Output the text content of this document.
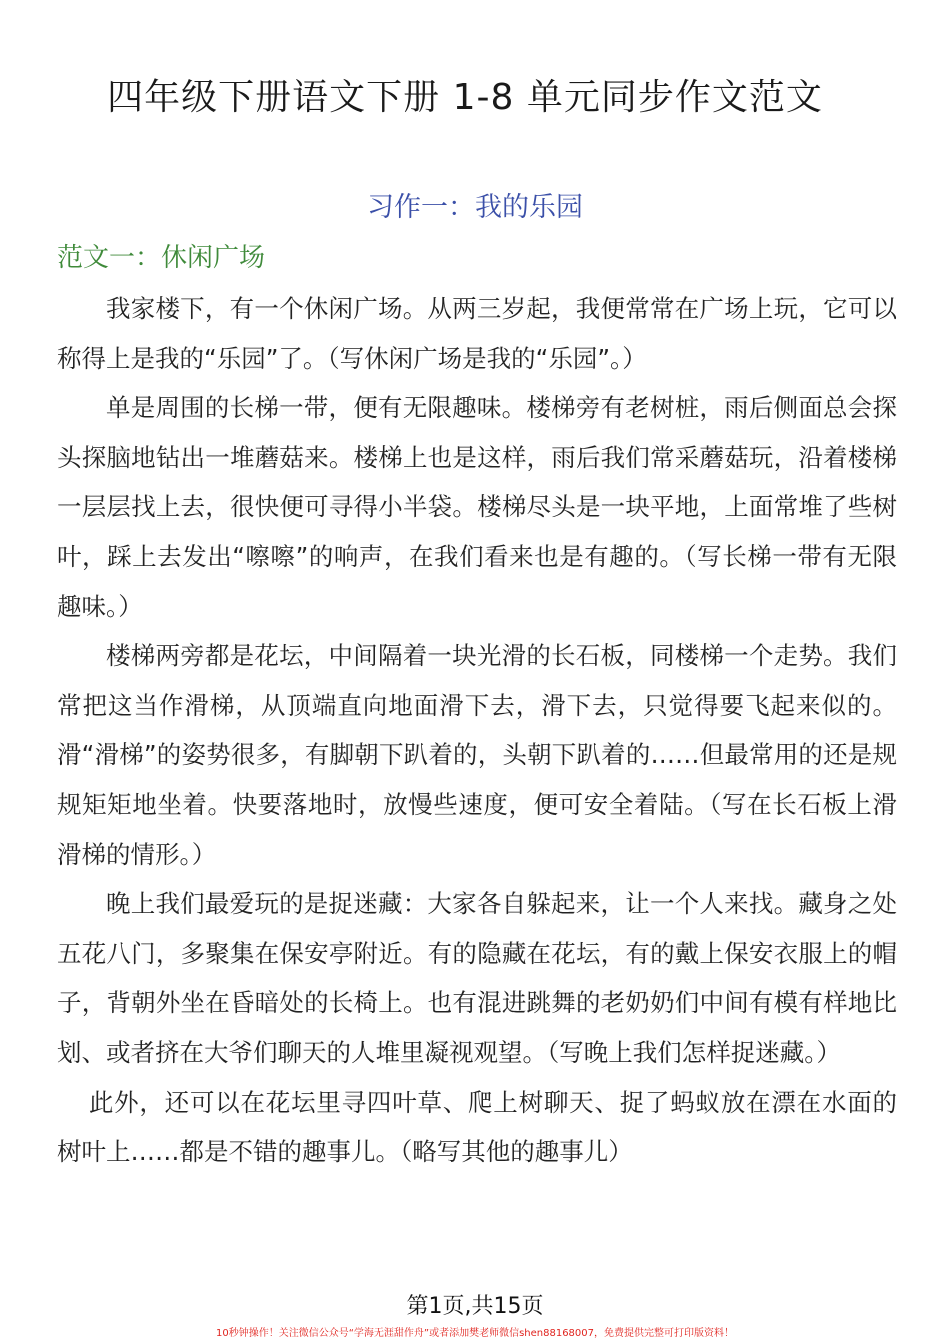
四年级下册语文下册 1-8 单元同步作文范文
习作一：我的乐园
范文一：休闲广场

我家楼下，有一个休闲广场。从两三岁起，我便常常在广场上玩，它可以称得上是我的“乐园”了。（写休闲广场是我的“乐园”。）

单是周围的长梯一带，便有无限趣味。楼梯旁有老树桩，雨后侧面总会探头探脑地钻出一堆蘑菇来。楼梯上也是这样，雨后我们常采蘑菇玩，沿着楼梯一层层找上去，很快便可寻得小半袋。楼梯尽头是一块平地，上面常堆了些树叶，踩上去发出“嚓嚓”的响声，在我们看来也是有趣的。（写长梯一带有无限趣味。）

楼梯两旁都是花坛，中间隔着一块光滑的长石板，同楼梯一个走势。我们常把这当作滑梯，从顶端直向地面滑下去，滑下去，只觉得要飞起来似的。滑“滑梯”的姿势很多，有脚朝下趴着的，头朝下趴着的……但最常用的还是规规矩矩地坐着。快要落地时，放慢些速度，便可安全着陆。（写在长石板上滑滑梯的情形。）

晚上我们最爱玩的是捉迷藏：大家各自躲起来，让一个人来找。藏身之处五花八门，多聚集在保安亭附近。有的隐藏在花坛，有的戴上保安衣服上的帽子，背朝外坐在昏暗处的长椅上。也有混进跳舞的老奶奶们中间有模有样地比划、或者挤在大爷们聊天的人堆里凝视观望。（写晚上我们怎样捉迷藏。）

此外，还可以在花坛里寻四叶草、爬上树聊天、捉了蚂蚁放在漂在水面的树叶上……都是不错的趣事儿。（略写其他的趣事儿）

第1页,共15页
10秒钟操作！关注微信公众号“学海无涯甜作舟”或者添加樊老师微信shen88168007，免费提供完整可打印版资料！
